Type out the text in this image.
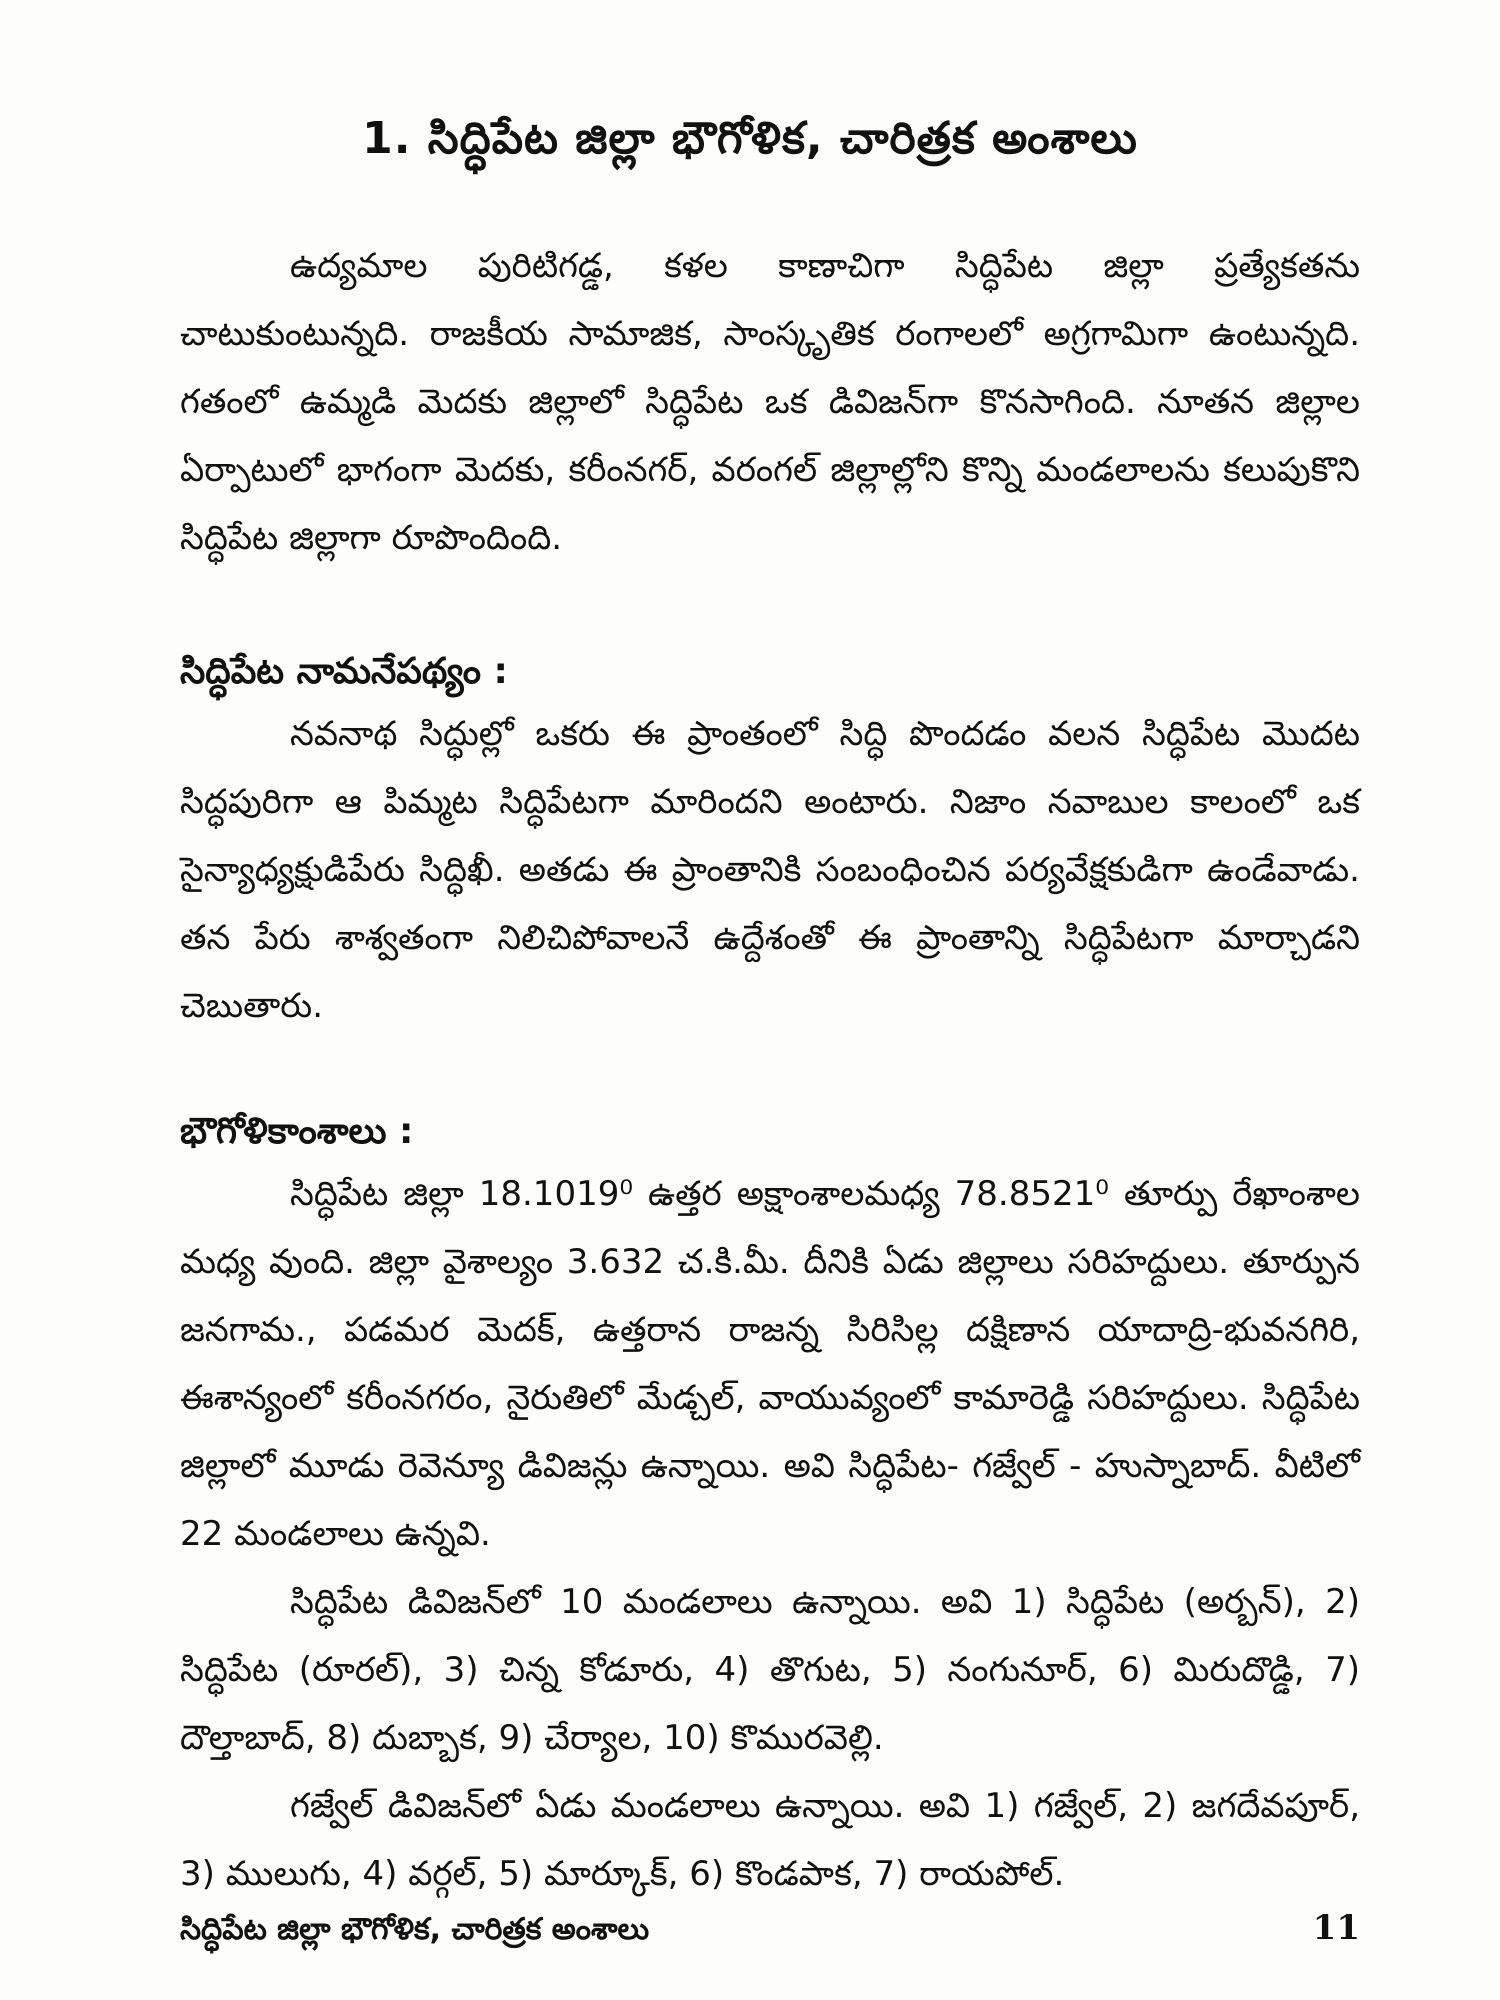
1. సిద్ధిపేట జిల్లా భౌగోళిక, చారిత్రక అంశాలు

ఉద్యమాల పురిటిగడ్డ, కళల కాణాచిగా సిద్ధిపేట జిల్లా ప్రత్యేకతను చాటుకుంటున్నది. రాజకీయ సామాజిక, సాంస్కృతిక రంగాలలో అగ్రగామిగా ఉంటున్నది. గతంలో ఉమ్మడి మెదకు జిల్లాలో సిద్ధిపేట ఒక డివిజన్‌గా కొనసాగింది. నూతన జిల్లాల ఏర్పాటులో భాగంగా మెదకు, కరీంనగర్, వరంగల్ జిల్లాల్లోని కొన్ని మండలాలను కలుపుకొని సిద్ధిపేట జిల్లాగా రూపొందింది.

సిద్ధిపేట నామనేపథ్యం :

నవనాథ సిద్ధుల్లో ఒకరు ఈ ప్రాంతంలో సిద్ధి పొందడం వలన సిద్ధిపేట మొదట సిద్ధపురిగా ఆ పిమ్మట సిద్ధిపేటగా మారిందని అంటారు. నిజాం నవాబుల కాలంలో ఒక సైన్యాధ్యక్షుడిపేరు సిద్ధిఖీ. అతడు ఈ ప్రాంతానికి సంబంధించిన పర్యవేక్షకుడిగా ఉండేవాడు. తన పేరు శాశ్వతంగా నిలిచిపోవాలనే ఉద్దేశంతో ఈ ప్రాంతాన్ని సిద్ధిపేటగా మార్చాడని చెబుతారు.

భౌగోళికాంశాలు :

సిద్ధిపేట జిల్లా 18.1019⁰ ఉత్తర అక్షాంశాలమధ్య 78.8521⁰ తూర్పు రేఖాంశాల మధ్య వుంది. జిల్లా వైశాల్యం 3.632 చ.కి.మీ. దీనికి ఏడు జిల్లాలు సరిహద్దులు. తూర్పున జనగామ., పడమర మెదక్, ఉత్తరాన రాజన్న సిరిసిల్ల దక్షిణాన యాదాద్రి-భువనగిరి, ఈశాన్యంలో కరీంనగరం, నైరుతిలో మేడ్చల్, వాయువ్యంలో కామారెడ్డి సరిహద్దులు. సిద్ధిపేట జిల్లాలో మూడు రెవెన్యూ డివిజన్లు ఉన్నాయి. అవి సిద్ధిపేట- గజ్వేల్ - హుస్నాబాద్. వీటిలో 22 మండలాలు ఉన్నవి.

సిద్ధిపేట డివిజన్‌లో 10 మండలాలు ఉన్నాయి. అవి 1) సిద్ధిపేట (అర్బన్), 2) సిద్ధిపేట (రూరల్), 3) చిన్న కోడూరు, 4) తొగుట, 5) నంగునూర్, 6) మిరుదొడ్డి, 7) దౌల్తాబాద్, 8) దుబ్బాక, 9) చేర్యాల, 10) కొమురవెల్లి.

గజ్వేల్ డివిజన్‌లో ఏడు మండలాలు ఉన్నాయి. అవి 1) గజ్వేల్, 2) జగదేవపూర్, 3) ములుగు, 4) వర్గల్, 5) మార్కూక్, 6) కొండపాక, 7) రాయపోల్.

సిద్ధిపేట జిల్లా భౌగోళిక, చారిత్రక అంశాలు	11
